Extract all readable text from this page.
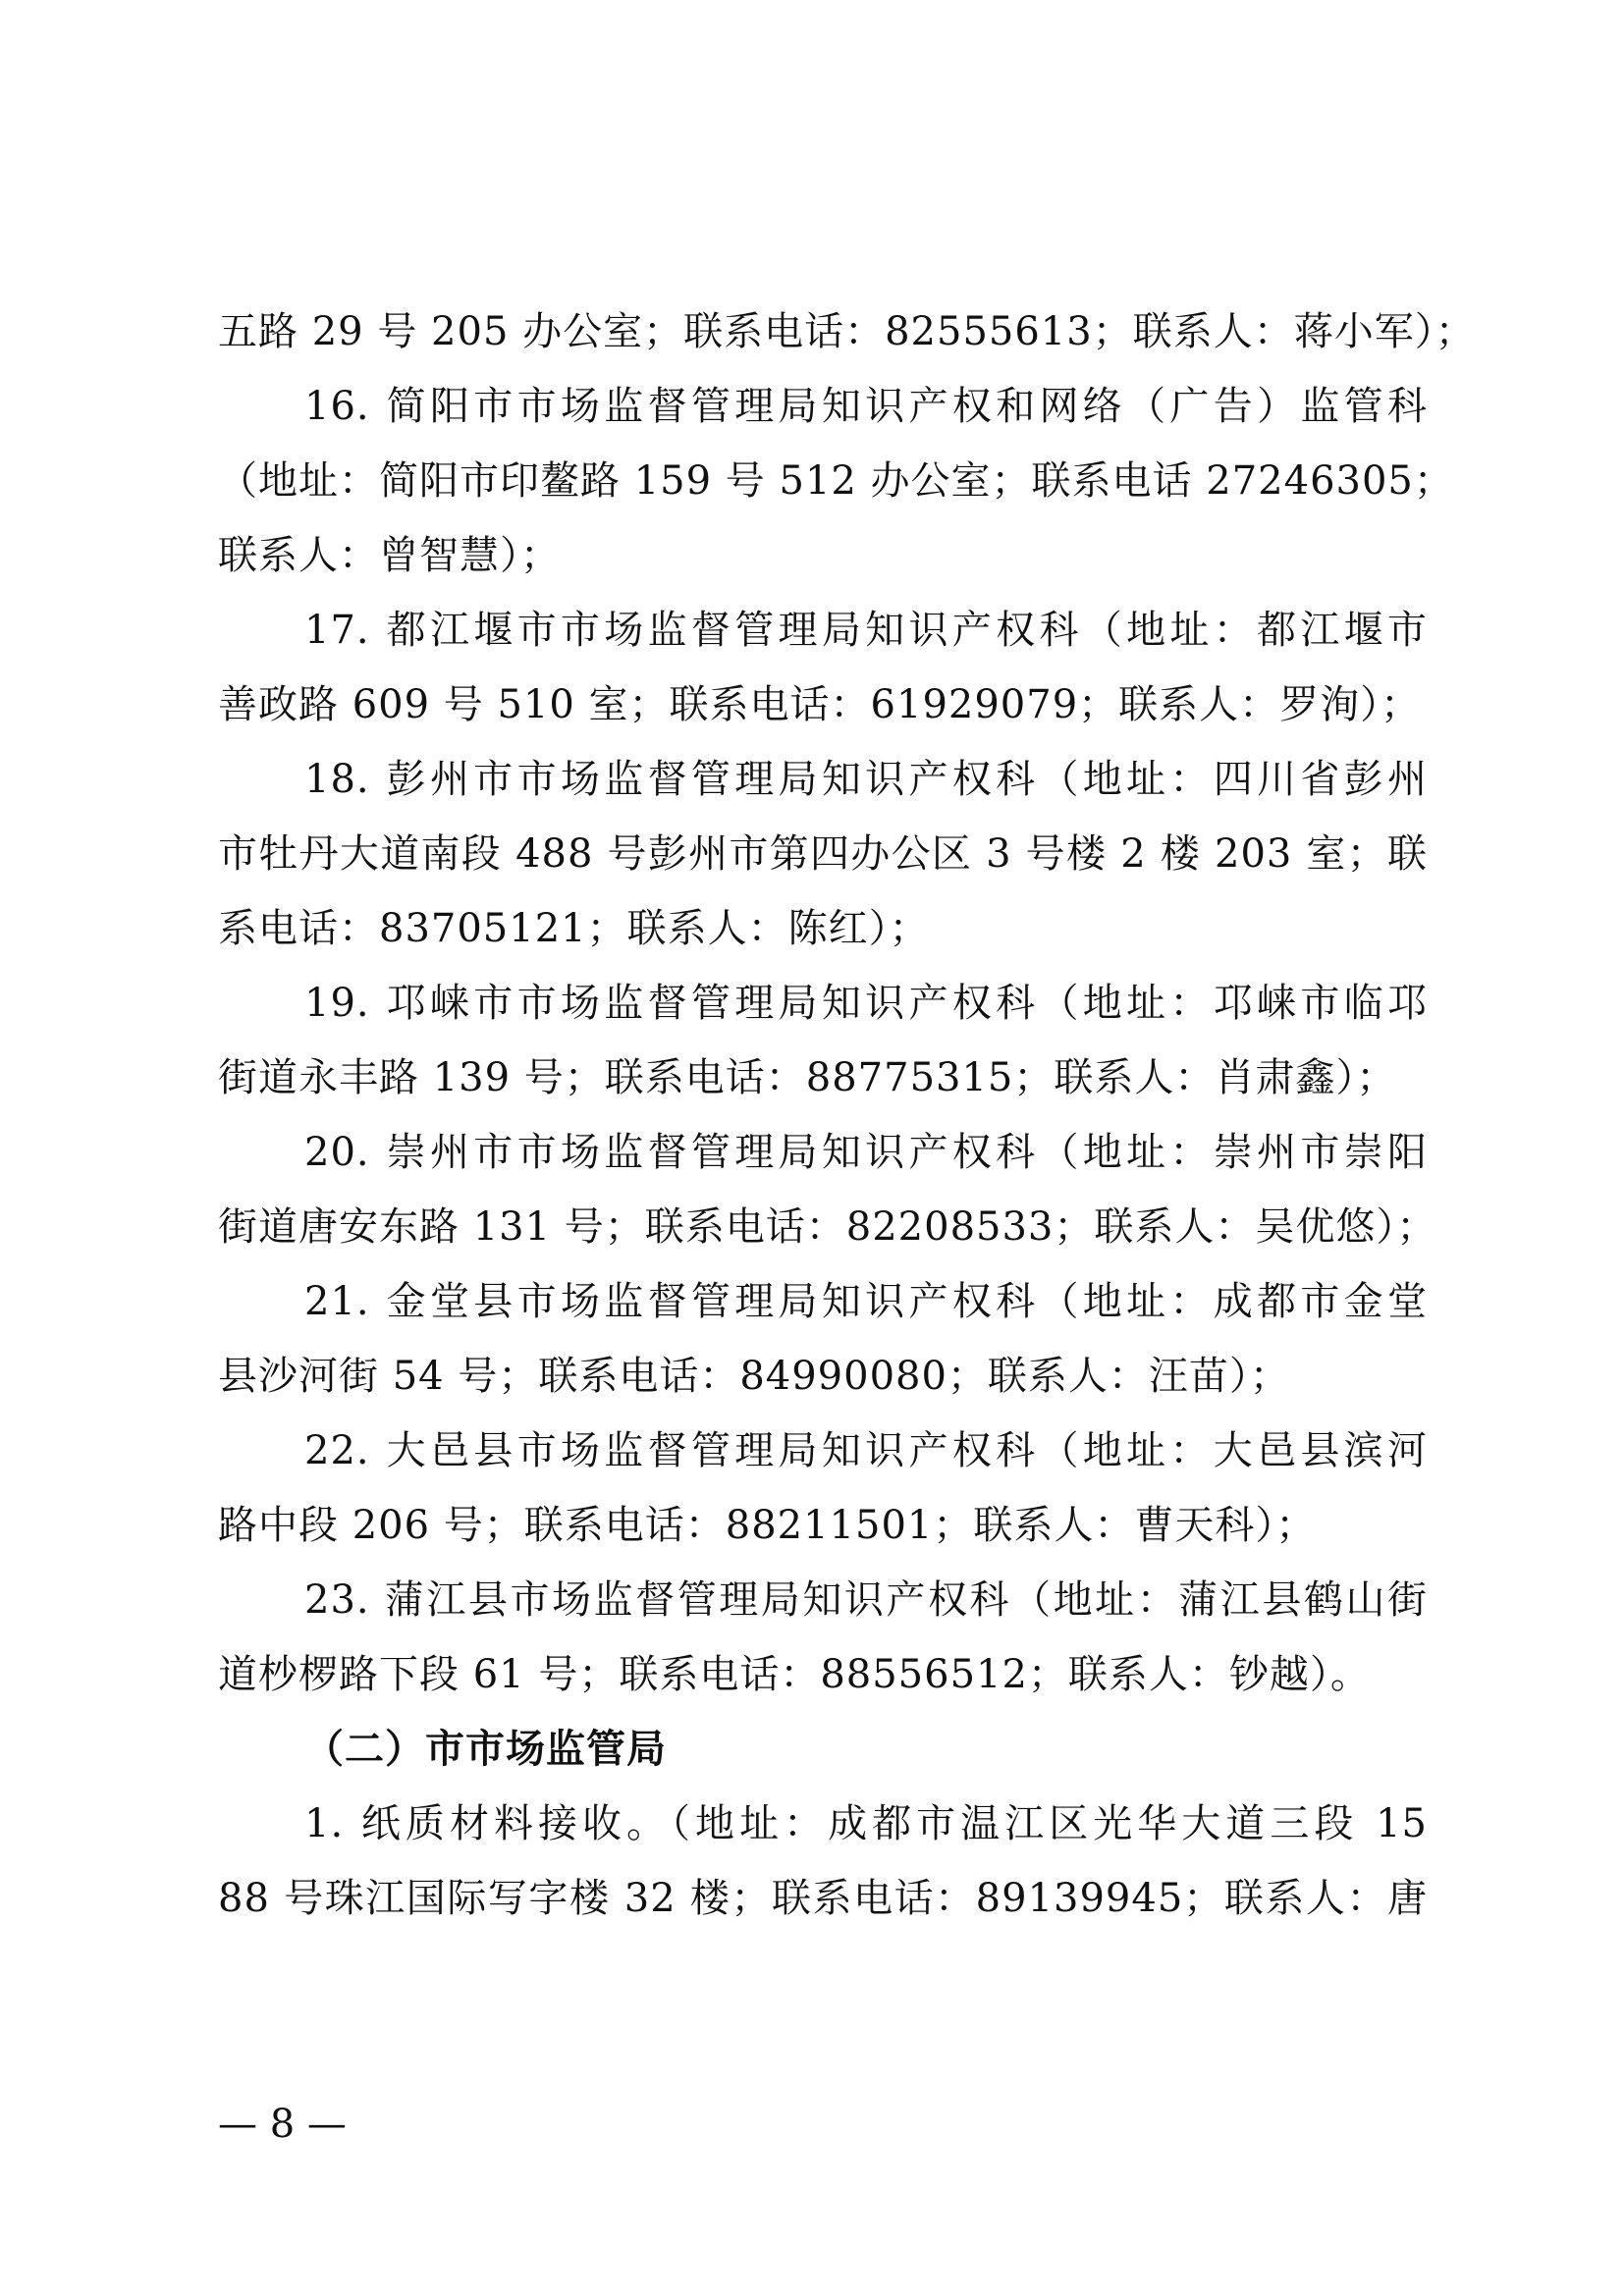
五路 29 号 205 办公室；联系电话：82555613；联系人：蒋小军）；
16. 简阳市市场监督管理局知识产权和网络（广告）监管科
（地址：简阳市印鳌路 159 号 512 办公室；联系电话 27246305；
联系人：曾智慧）；
17. 都江堰市市场监督管理局知识产权科（地址：都江堰市
善政路 609 号 510 室；联系电话：61929079；联系人：罗洵）；
18. 彭州市市场监督管理局知识产权科（地址：四川省彭州
市牡丹大道南段 488 号彭州市第四办公区 3 号楼 2 楼 203 室；联
系电话：83705121；联系人：陈红）；
19. 邛崃市市场监督管理局知识产权科（地址：邛崃市临邛
街道永丰路 139 号；联系电话：88775315；联系人：肖肃鑫）；
20. 崇州市市场监督管理局知识产权科（地址：崇州市崇阳
街道唐安东路 131 号；联系电话：82208533；联系人：吴优悠）；
21. 金堂县市场监督管理局知识产权科（地址：成都市金堂
县沙河街 54 号；联系电话：84990080；联系人：汪苗）；
22. 大邑县市场监督管理局知识产权科（地址：大邑县滨河
路中段 206 号；联系电话：88211501；联系人：曹天科）；
23. 蒲江县市场监督管理局知识产权科（地址：蒲江县鹤山街
道杪椤路下段 61 号；联系电话：88556512；联系人：钞越）。
（二）市市场监管局
1. 纸质材料接收。（地址：成都市温江区光华大道三段 15
88 号珠江国际写字楼 32 楼；联系电话：89139945；联系人：唐
— 8 —
